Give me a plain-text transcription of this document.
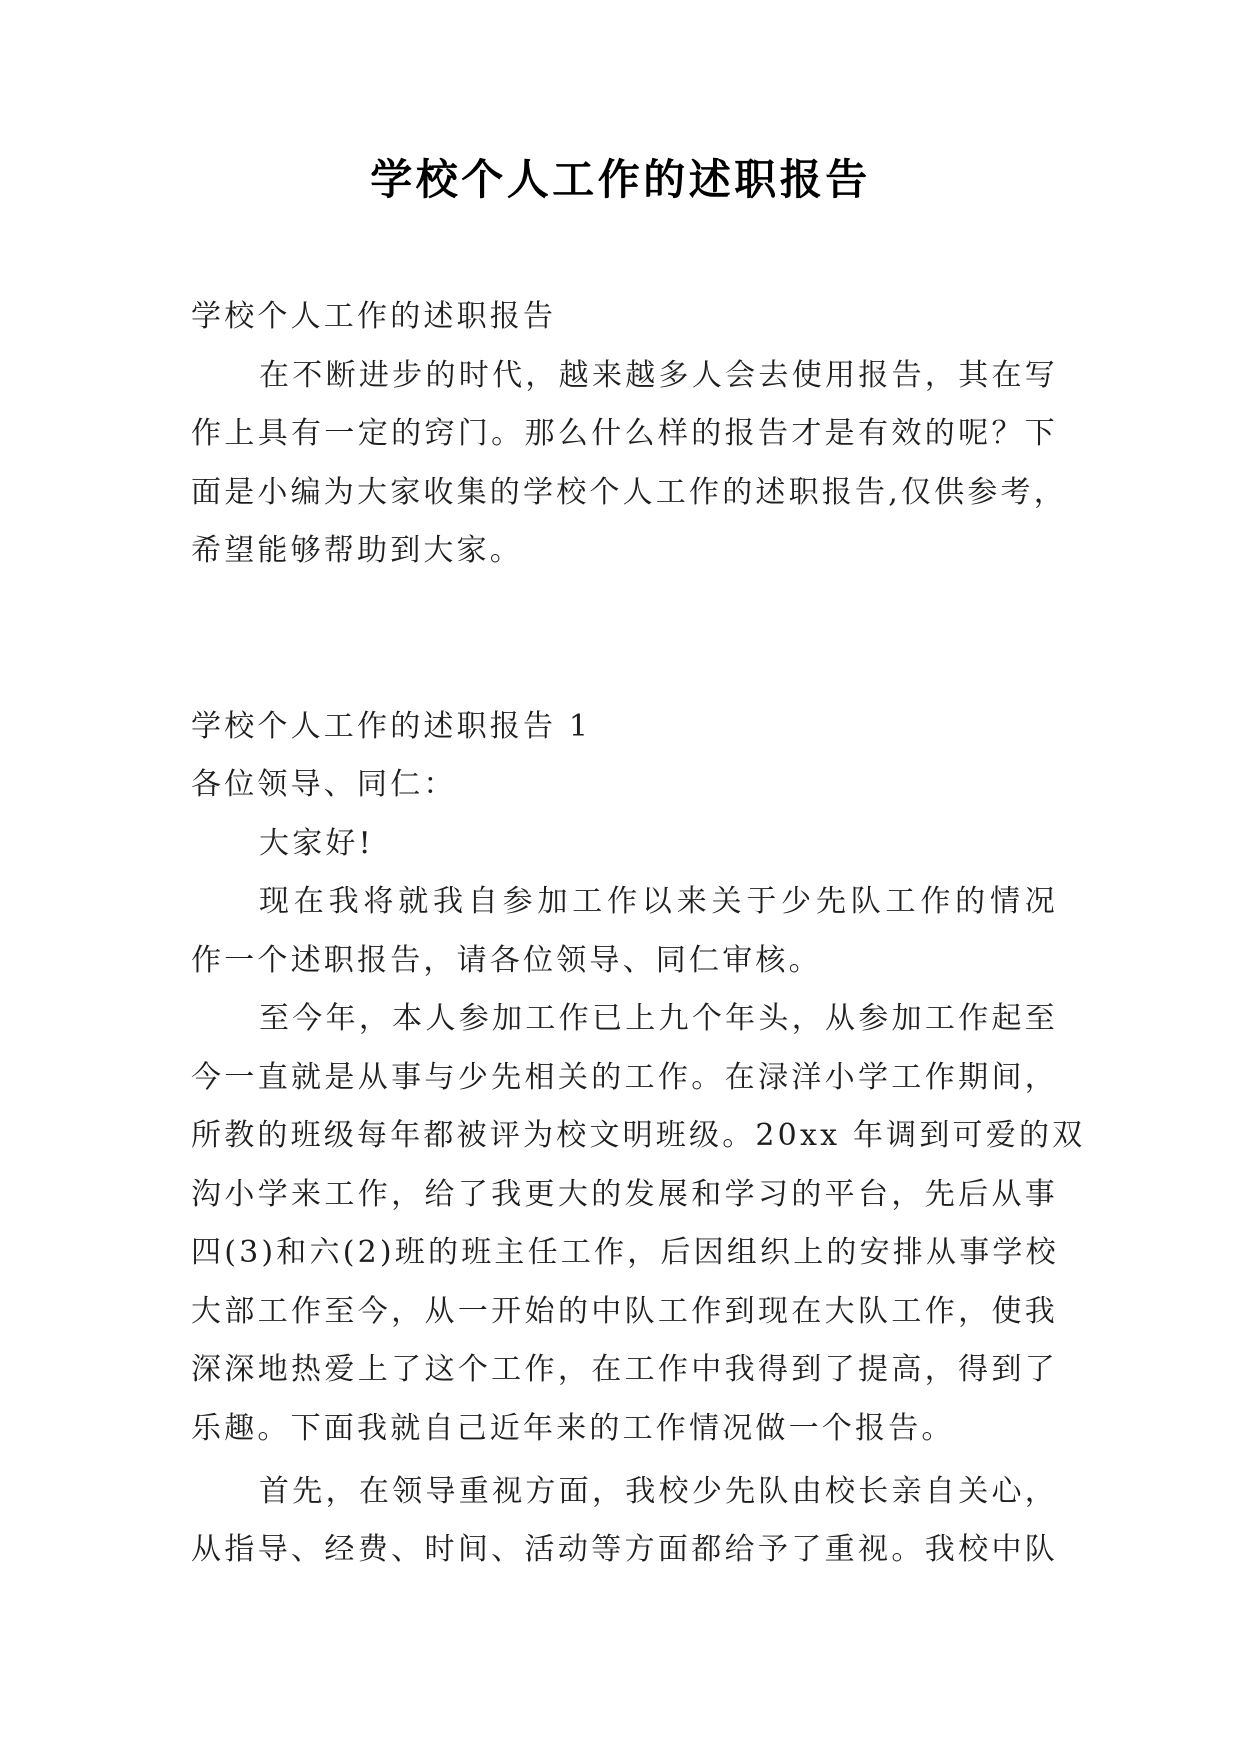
学校个人工作的述职报告
学校个人工作的述职报告
在不断进步的时代，越来越多人会去使用报告，其在写
作上具有一定的窍门。那么什么样的报告才是有效的呢？下
面是小编为大家收集的学校个人工作的述职报告,仅供参考，
希望能够帮助到大家。
学校个人工作的述职报告 1
各位领导、同仁：
大家好!
现在我将就我自参加工作以来关于少先队工作的情况
作一个述职报告，请各位领导、同仁审核。
至今年，本人参加工作已上九个年头，从参加工作起至
今一直就是从事与少先相关的工作。在渌洋小学工作期间，
所教的班级每年都被评为校文明班级。20xx 年调到可爱的双
沟小学来工作，给了我更大的发展和学习的平台，先后从事
四(3)和六(2)班的班主任工作，后因组织上的安排从事学校
大部工作至今，从一开始的中队工作到现在大队工作，使我
深深地热爱上了这个工作，在工作中我得到了提高，得到了
乐趣。下面我就自己近年来的工作情况做一个报告。
首先，在领导重视方面，我校少先队由校长亲自关心，
从指导、经费、时间、活动等方面都给予了重视。我校中队
